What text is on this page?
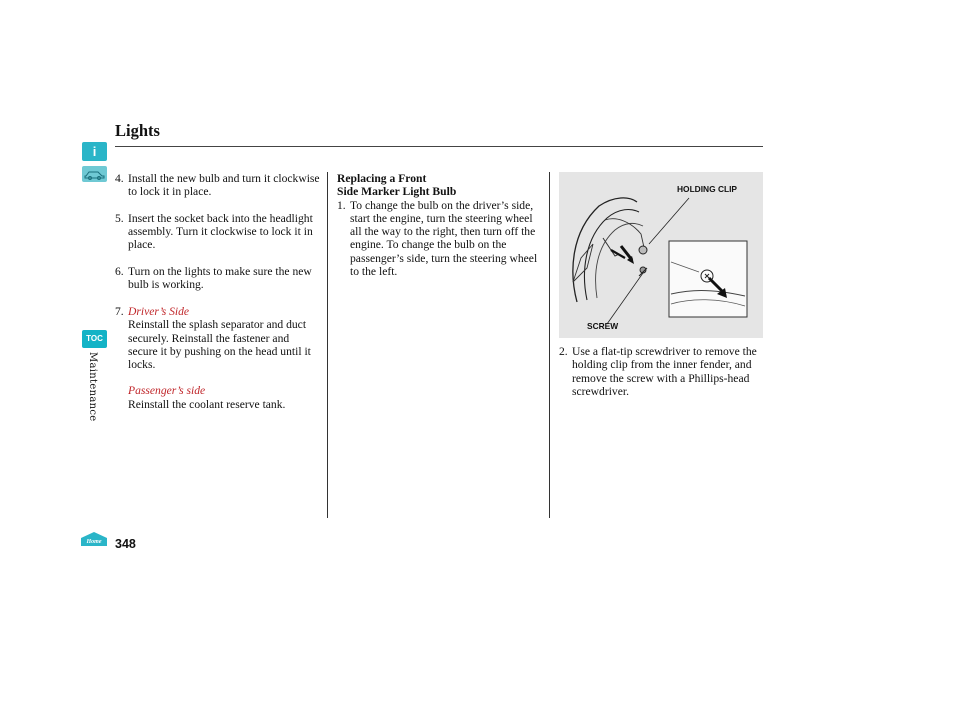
Lights
i
TOC
Maintenance
Home 348
4. Install the new bulb and turn it clockwise to lock it in place.
5. Insert the socket back into the headlight assembly. Turn it clockwise to lock it in place.
6. Turn on the lights to make sure the new bulb is working.
7. Driver’s Side
Reinstall the splash separator and duct securely. Reinstall the fastener and secure it by pushing on the head until it locks.
Passenger’s side
Reinstall the coolant reserve tank.
Replacing a Front
Side Marker Light Bulb
1. To change the bulb on the driver’s side, start the engine, turn the steering wheel all the way to the right, then turn off the engine. To change the bulb on the passenger’s side, turn the steering wheel to the left.
HOLDING CLIP
SCREW
2. Use a flat-tip screwdriver to remove the holding clip from the inner fender, and remove the screw with a Phillips-head screwdriver.
